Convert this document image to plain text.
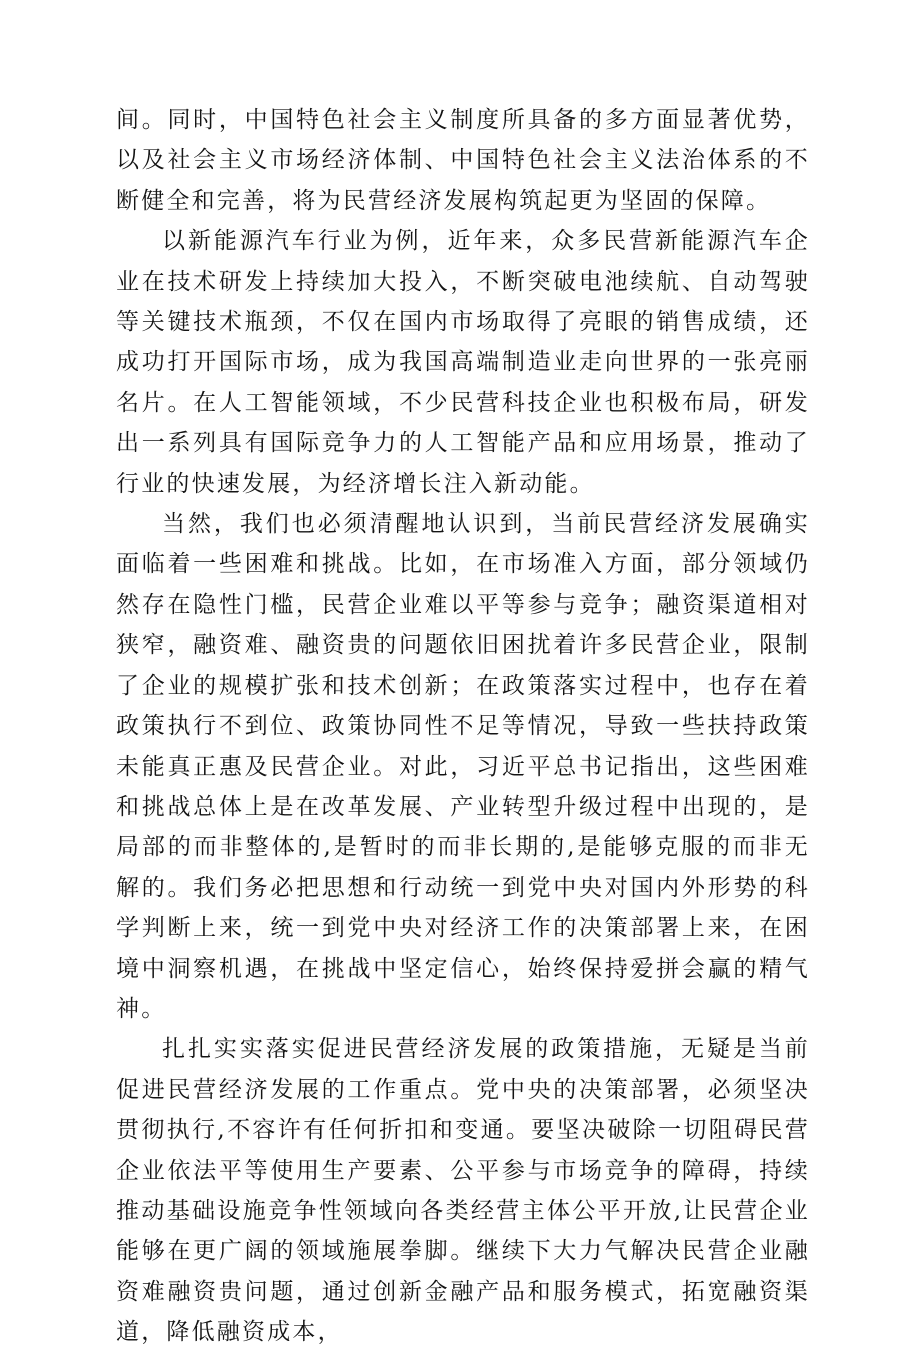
间。同时，中国特色社会主义制度所具备的多方面显著优势，以及社会主义市场经济体制、中国特色社会主义法治体系的不断健全和完善，将为民营经济发展构筑起更为坚固的保障。

以新能源汽车行业为例，近年来，众多民营新能源汽车企业在技术研发上持续加大投入，不断突破电池续航、自动驾驶等关键技术瓶颈，不仅在国内市场取得了亮眼的销售成绩，还成功打开国际市场，成为我国高端制造业走向世界的一张亮丽名片。在人工智能领域，不少民营科技企业也积极布局，研发出一系列具有国际竞争力的人工智能产品和应用场景，推动了行业的快速发展，为经济增长注入新动能。

当然，我们也必须清醒地认识到，当前民营经济发展确实面临着一些困难和挑战。比如，在市场准入方面，部分领域仍然存在隐性门槛，民营企业难以平等参与竞争；融资渠道相对狭窄，融资难、融资贵的问题依旧困扰着许多民营企业，限制了企业的规模扩张和技术创新；在政策落实过程中，也存在着政策执行不到位、政策协同性不足等情况，导致一些扶持政策未能真正惠及民营企业。对此，习近平总书记指出，这些困难和挑战总体上是在改革发展、产业转型升级过程中出现的，是局部的而非整体的,是暂时的而非长期的,是能够克服的而非无解的。我们务必把思想和行动统一到党中央对国内外形势的科学判断上来，统一到党中央对经济工作的决策部署上来，在困境中洞察机遇，在挑战中坚定信心，始终保持爱拼会赢的精气神。

扎扎实实落实促进民营经济发展的政策措施，无疑是当前促进民营经济发展的工作重点。党中央的决策部署，必须坚决贯彻执行,不容许有任何折扣和变通。要坚决破除一切阻碍民营企业依法平等使用生产要素、公平参与市场竞争的障碍，持续推动基础设施竞争性领域向各类经营主体公平开放,让民营企业能够在更广阔的领域施展拳脚。继续下大力气解决民营企业融资难融资贵问题，通过创新金融产品和服务模式，拓宽融资渠道，降低融资成本，
